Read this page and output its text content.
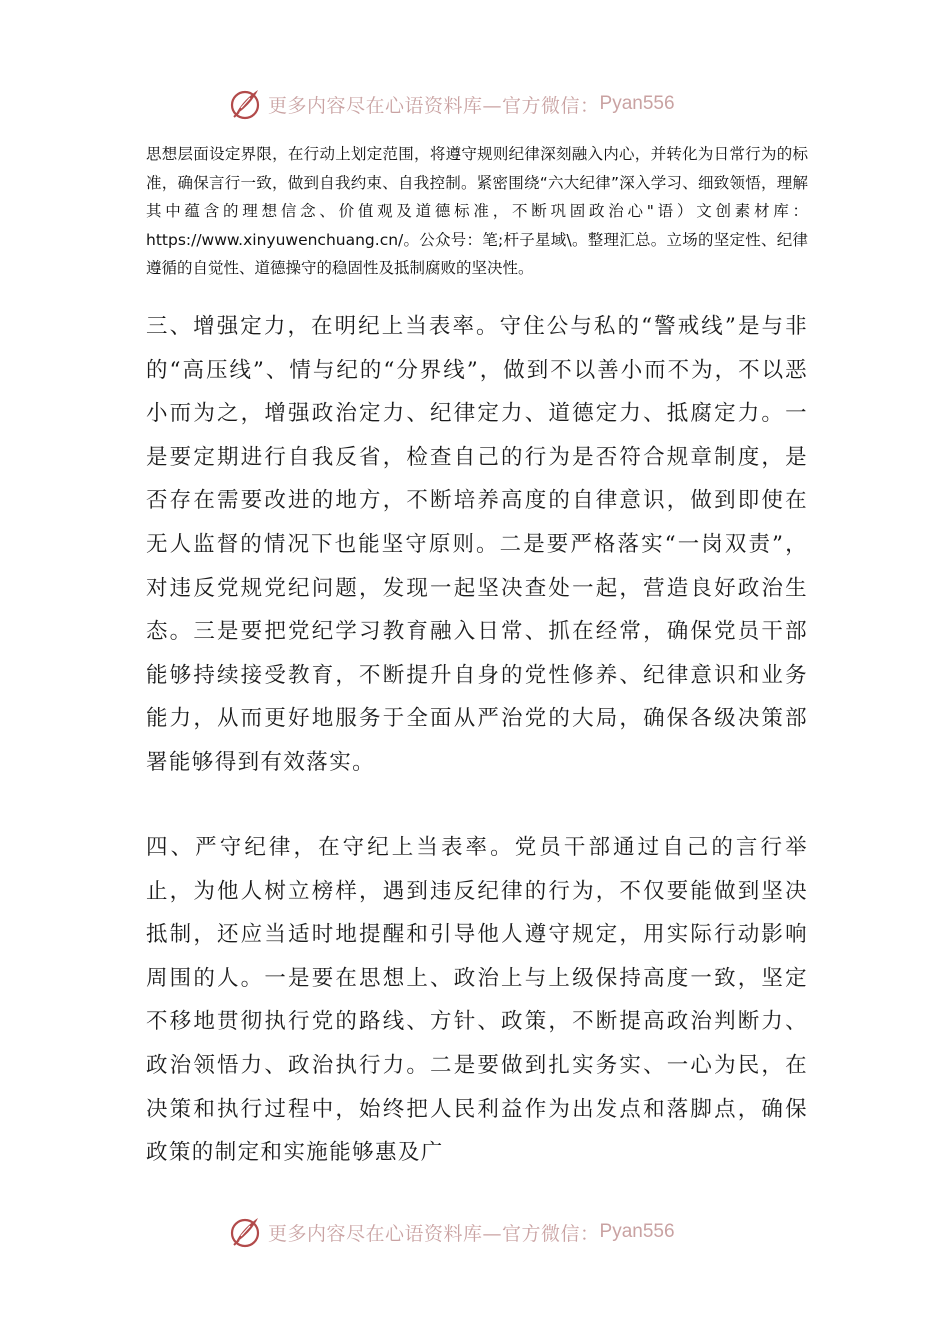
更多内容尽在心语资料库—官方微信： Pyan556

思想层面设定界限，在行动上划定范围，将遵守规则纪律深刻融入内心，并转化为日常行为的标准，确保言行一致，做到自我约束、自我控制。紧密围绕“六大纪律”深入学习、细致领悟，理解其中蕴含的理想信念、价值观及道德标准，不断巩固政治心"语）文创素材库：https://www.xinyuwenchuang.cn/。公众号：笔;杆子星域\。整理汇总。立场的坚定性、纪律遵循的自觉性、道德操守的稳固性及抵制腐败的坚决性。

三、增强定力，在明纪上当表率。守住公与私的“警戒线”是与非的“高压线”、情与纪的“分界线”，做到不以善小而不为，不以恶小而为之，增强政治定力、纪律定力、道德定力、抵腐定力。一是要定期进行自我反省，检查自己的行为是否符合规章制度，是否存在需要改进的地方，不断培养高度的自律意识，做到即使在无人监督的情况下也能坚守原则。二是要严格落实“一岗双责”，对违反党规党纪问题，发现一起坚决查处一起，营造良好政治生态。三是要把党纪学习教育融入日常、抓在经常，确保党员干部能够持续接受教育，不断提升自身的党性修养、纪律意识和业务能力，从而更好地服务于全面从严治党的大局，确保各级决策部署能够得到有效落实。

四、严守纪律，在守纪上当表率。党员干部通过自己的言行举止，为他人树立榜样，遇到违反纪律的行为，不仅要能做到坚决抵制，还应当适时地提醒和引导他人遵守规定，用实际行动影响周围的人。一是要在思想上、政治上与上级保持高度一致，坚定不移地贯彻执行党的路线、方针、政策，不断提高政治判断力、政治领悟力、政治执行力。二是要做到扎实务实、一心为民，在决策和执行过程中，始终把人民利益作为出发点和落脚点，确保政策的制定和实施能够惠及广

更多内容尽在心语资料库—官方微信： Pyan556
